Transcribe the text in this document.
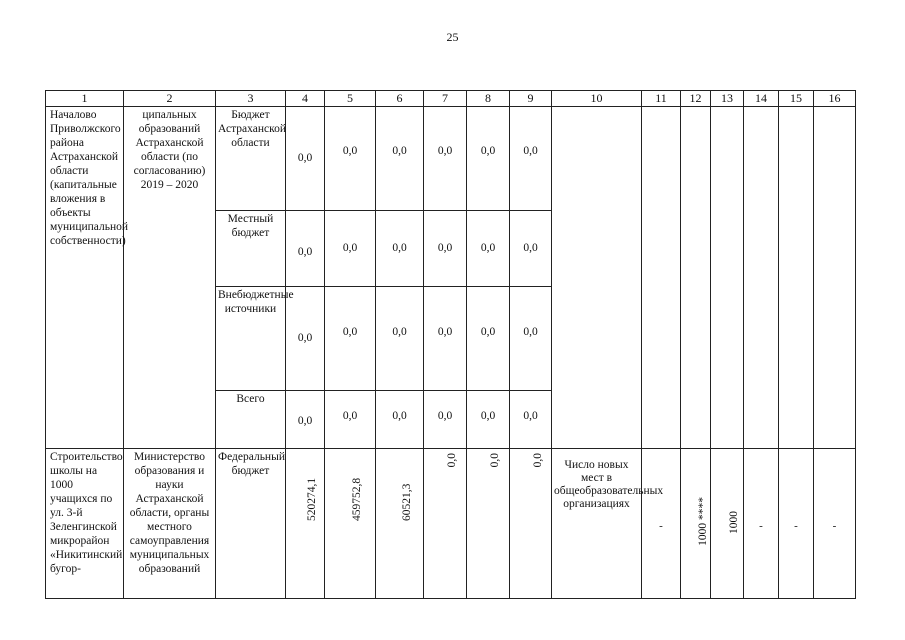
25
1	2	3	4	5	6	7	8	9	10	11	12	13	14	15	16
Началово Приволжского района Астраханской области (капитальные вложения в объекты муниципальной собственности)	ципальных образований Астраханской области (по согласованию) 2019 – 2020	Бюджет Астраханской области	0,0	0,0	0,0	0,0	0,0	0,0							

		Местный бюджет	0,0	0,0	0,0	0,0	0,0	0,0							

		Внебюджетные источники	0,0	0,0	0,0	0,0	0,0	0,0							

		Всего	0,0	0,0	0,0	0,0	0,0	0,0							

Строительство школы на 1000 учащихся по ул. 3-й Зеленгинской микрорайон «Никитинский бугор-	Министерство образования и науки Астраханской области, органы местного самоуправления муниципальных образований	Федеральный бюджет	520274,1	459752,8	60521,3	0,0	0,0	0,0	Число новых мест в общеобразовательных организациях	-	1000 ****	1000	-	-	-
